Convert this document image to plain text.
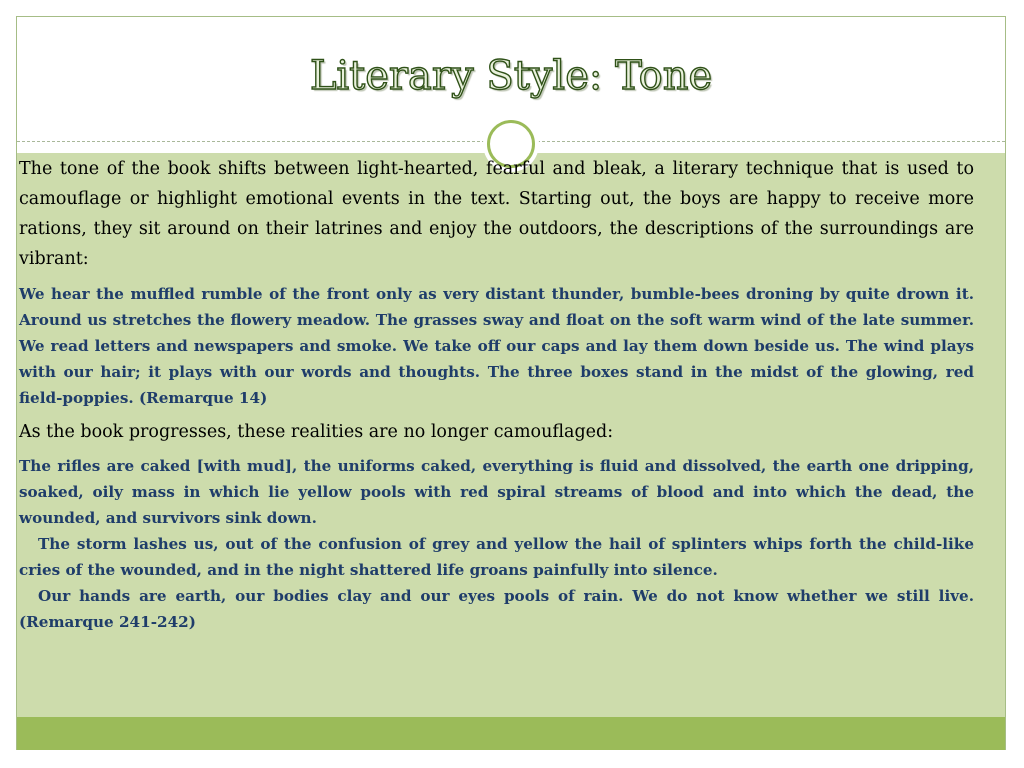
Literary Style: Tone

The tone of the book shifts between light-hearted, fearful and bleak, a literary technique that is used to camouflage or highlight emotional events in the text. Starting out, the boys are happy to receive more rations, they sit around on their latrines and enjoy the outdoors, the descriptions of the surroundings are vibrant:

We hear the muffled rumble of the front only as very distant thunder, bumble-bees droning by quite drown it. Around us stretches the flowery meadow. The grasses sway and float on the soft warm wind of the late summer. We read letters and newspapers and smoke. We take off our caps and lay them down beside us. The wind plays with our hair; it plays with our words and thoughts. The three boxes stand in the midst of the glowing, red field-poppies. (Remarque 14)

As the book progresses, these realities are no longer camouflaged:

The rifles are caked [with mud], the uniforms caked, everything is fluid and dissolved, the earth one dripping, soaked, oily mass in which lie yellow pools with red spiral streams of blood and into which the dead, the wounded, and survivors sink down.

The storm lashes us, out of the confusion of grey and yellow the hail of splinters whips forth the child-like cries of the wounded, and in the night shattered life groans painfully into silence.

Our hands are earth, our bodies clay and our eyes pools of rain. We do not know whether we still live. (Remarque 241-242)
